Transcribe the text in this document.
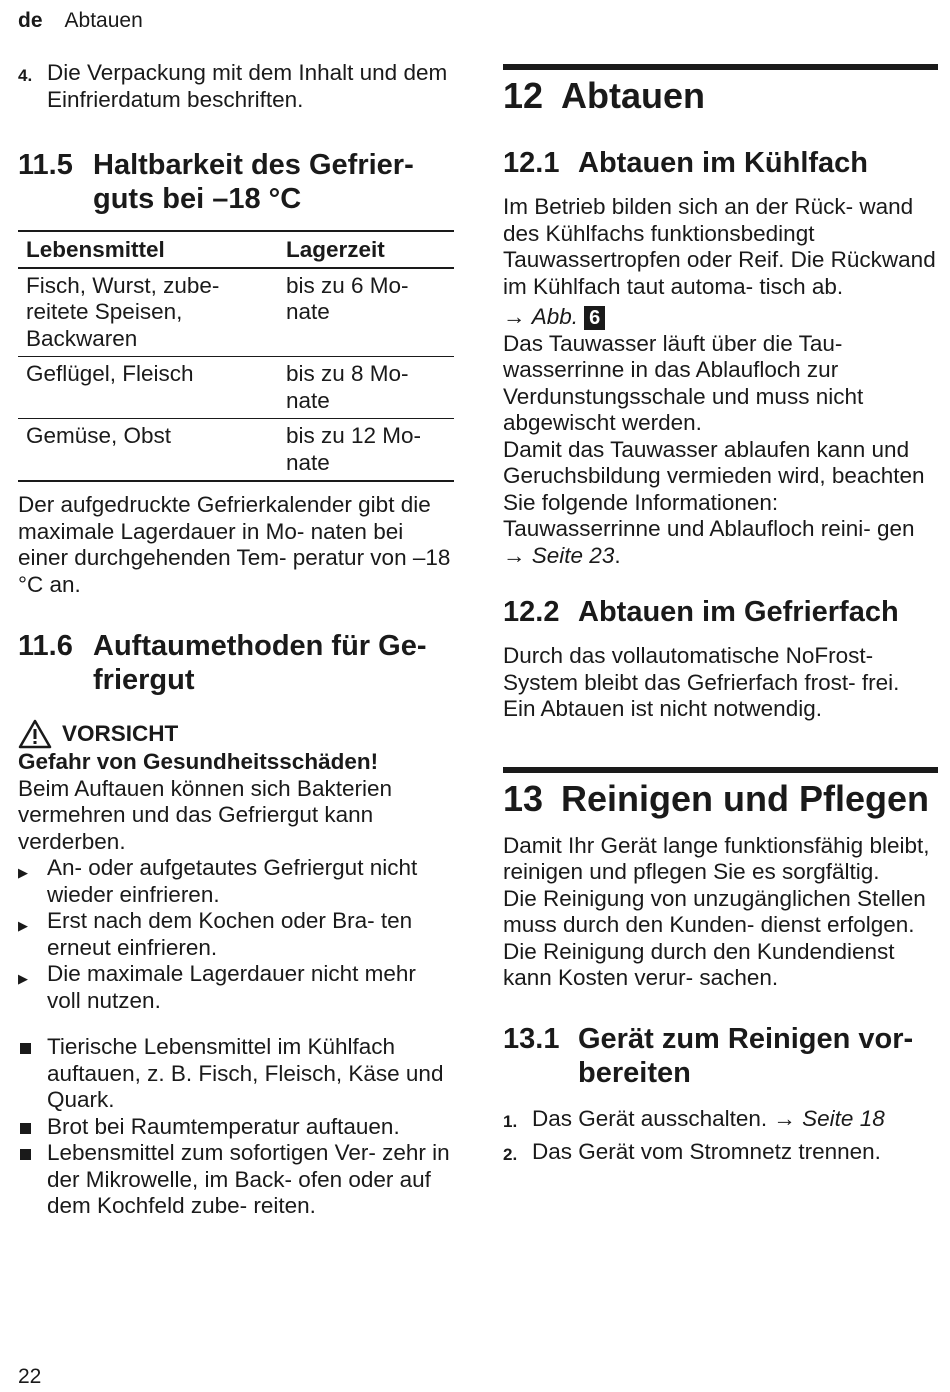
de Abtauen
4. Die Verpackung mit dem Inhalt und dem Einfrierdatum beschriften.
11.5 Haltbarkeit des Gefrier- guts bei –18 °C
Lebensmittel	Lagerzeit
Fisch, Wurst, zube- reitete Speisen, Backwaren	bis zu 6 Mo- nate
Geflügel, Fleisch	bis zu 8 Mo- nate
Gemüse, Obst	bis zu 12 Mo- nate

Der aufgedruckte Gefrierkalender gibt die maximale Lagerdauer in Mo- naten bei einer durchgehenden Tem- peratur von –18 °C an.

11.6 Auftaumethoden für Ge- friergut
VORSICHT
Gefahr von Gesundheitsschäden!

Beim Auftauen können sich Bakterien vermehren und das Gefriergut kann verderben.

▶ An- oder aufgetautes Gefriergut nicht wieder einfrieren.
▶ Erst nach dem Kochen oder Bra- ten erneut einfrieren.
▶ Die maximale Lagerdauer nicht mehr voll nutzen.
Tierische Lebensmittel im Kühlfach auftauen, z. B. Fisch, Fleisch, Käse und Quark.
Brot bei Raumtemperatur auftauen.
Lebensmittel zum sofortigen Ver- zehr in der Mikrowelle, im Back- ofen oder auf dem Kochfeld zube- reiten.
12 Abtauen
12.1 Abtauen im Kühlfach

Im Betrieb bilden sich an der Rück- wand des Kühlfachs funktionsbedingt Tauwassertropfen oder Reif. Die Rückwand im Kühlfach taut automa- tisch ab.

→ Abb. 6

Das Tauwasser läuft über die Tau- wasserrinne in das Ablaufloch zur Verdunstungsschale und muss nicht abgewischt werden.

Damit das Tauwasser ablaufen kann und Geruchsbildung vermieden wird, beachten Sie folgende Informationen: Tauwasserrinne und Ablaufloch reini- gen → Seite 23.

12.2 Abtauen im Gefrierfach

Durch das vollautomatische NoFrost- System bleibt das Gefrierfach frost- frei. Ein Abtauen ist nicht notwendig.

13 Reinigen und Pflegen

Damit Ihr Gerät lange funktionsfähig bleibt, reinigen und pflegen Sie es sorgfältig.

Die Reinigung von unzugänglichen Stellen muss durch den Kunden- dienst erfolgen. Die Reinigung durch den Kundendienst kann Kosten verur- sachen.

13.1 Gerät zum Reinigen vor- bereiten
1. Das Gerät ausschalten. → Seite 18
2. Das Gerät vom Stromnetz trennen.
22
